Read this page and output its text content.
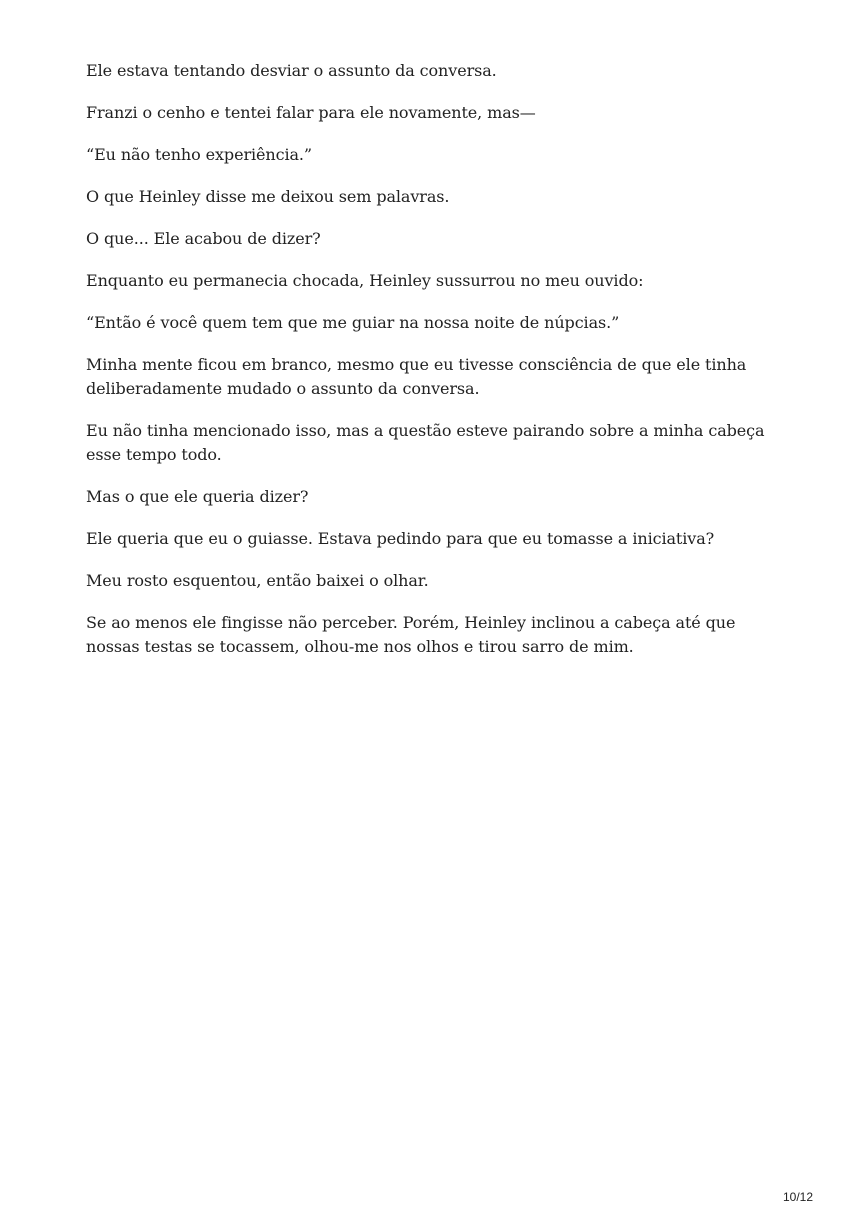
Ele estava tentando desviar o assunto da conversa.

Franzi o cenho e tentei falar para ele novamente, mas—

“Eu não tenho experiência.”

O que Heinley disse me deixou sem palavras.

O que... Ele acabou de dizer?

Enquanto eu permanecia chocada, Heinley sussurrou no meu ouvido:

“Então é você quem tem que me guiar na nossa noite de núpcias.”

Minha mente ficou em branco, mesmo que eu tivesse consciência de que ele tinha deliberadamente mudado o assunto da conversa.

Eu não tinha mencionado isso, mas a questão esteve pairando sobre a minha cabeça esse tempo todo.

Mas o que ele queria dizer?

Ele queria que eu o guiasse. Estava pedindo para que eu tomasse a iniciativa?

Meu rosto esquentou, então baixei o olhar.

Se ao menos ele fingisse não perceber. Porém, Heinley inclinou a cabeça até que nossas testas se tocassem, olhou-me nos olhos e tirou sarro de mim.

10/12
